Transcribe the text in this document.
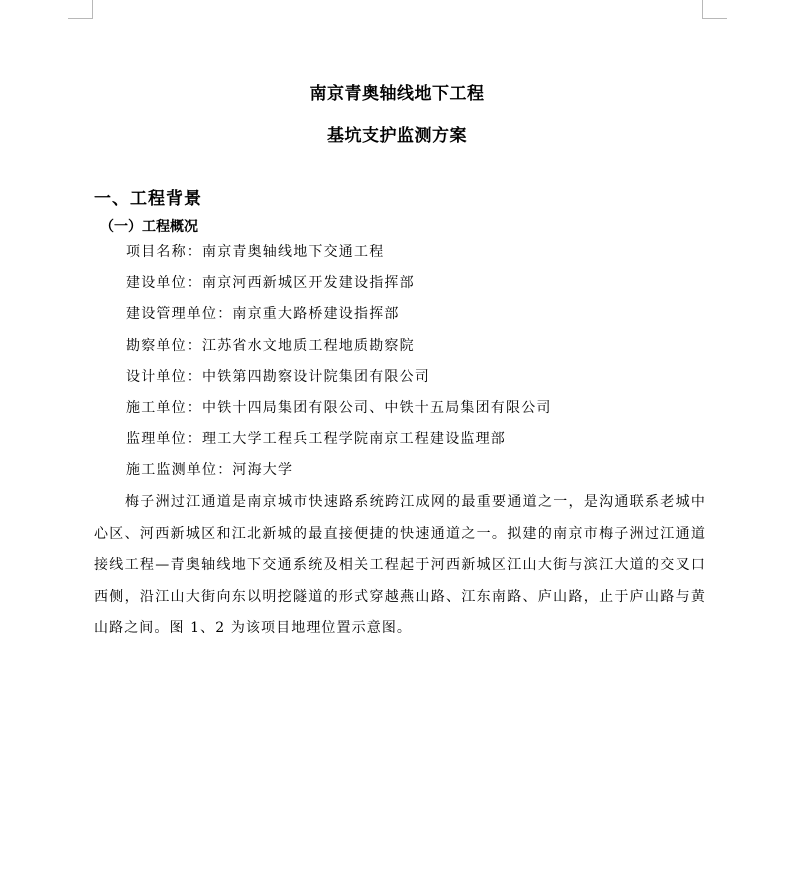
南京青奥轴线地下工程
基坑支护监测方案
一、工程背景
（一）工程概况
项目名称：南京青奥轴线地下交通工程
建设单位：南京河西新城区开发建设指挥部
建设管理单位：南京重大路桥建设指挥部
勘察单位：江苏省水文地质工程地质勘察院
设计单位：中铁第四勘察设计院集团有限公司
施工单位：中铁十四局集团有限公司、中铁十五局集团有限公司
监理单位：理工大学工程兵工程学院南京工程建设监理部
施工监测单位：河海大学

梅子洲过江通道是南京城市快速路系统跨江成网的最重要通道之一，是沟通联系老城中心区、河西新城区和江北新城的最直接便捷的快速通道之一。拟建的南京市梅子洲过江通道接线工程—青奥轴线地下交通系统及相关工程起于河西新城区江山大街与滨江大道的交叉口西侧，沿江山大街向东以明挖隧道的形式穿越燕山路、江东南路、庐山路，止于庐山路与黄山路之间。图 1、2 为该项目地理位置示意图。
